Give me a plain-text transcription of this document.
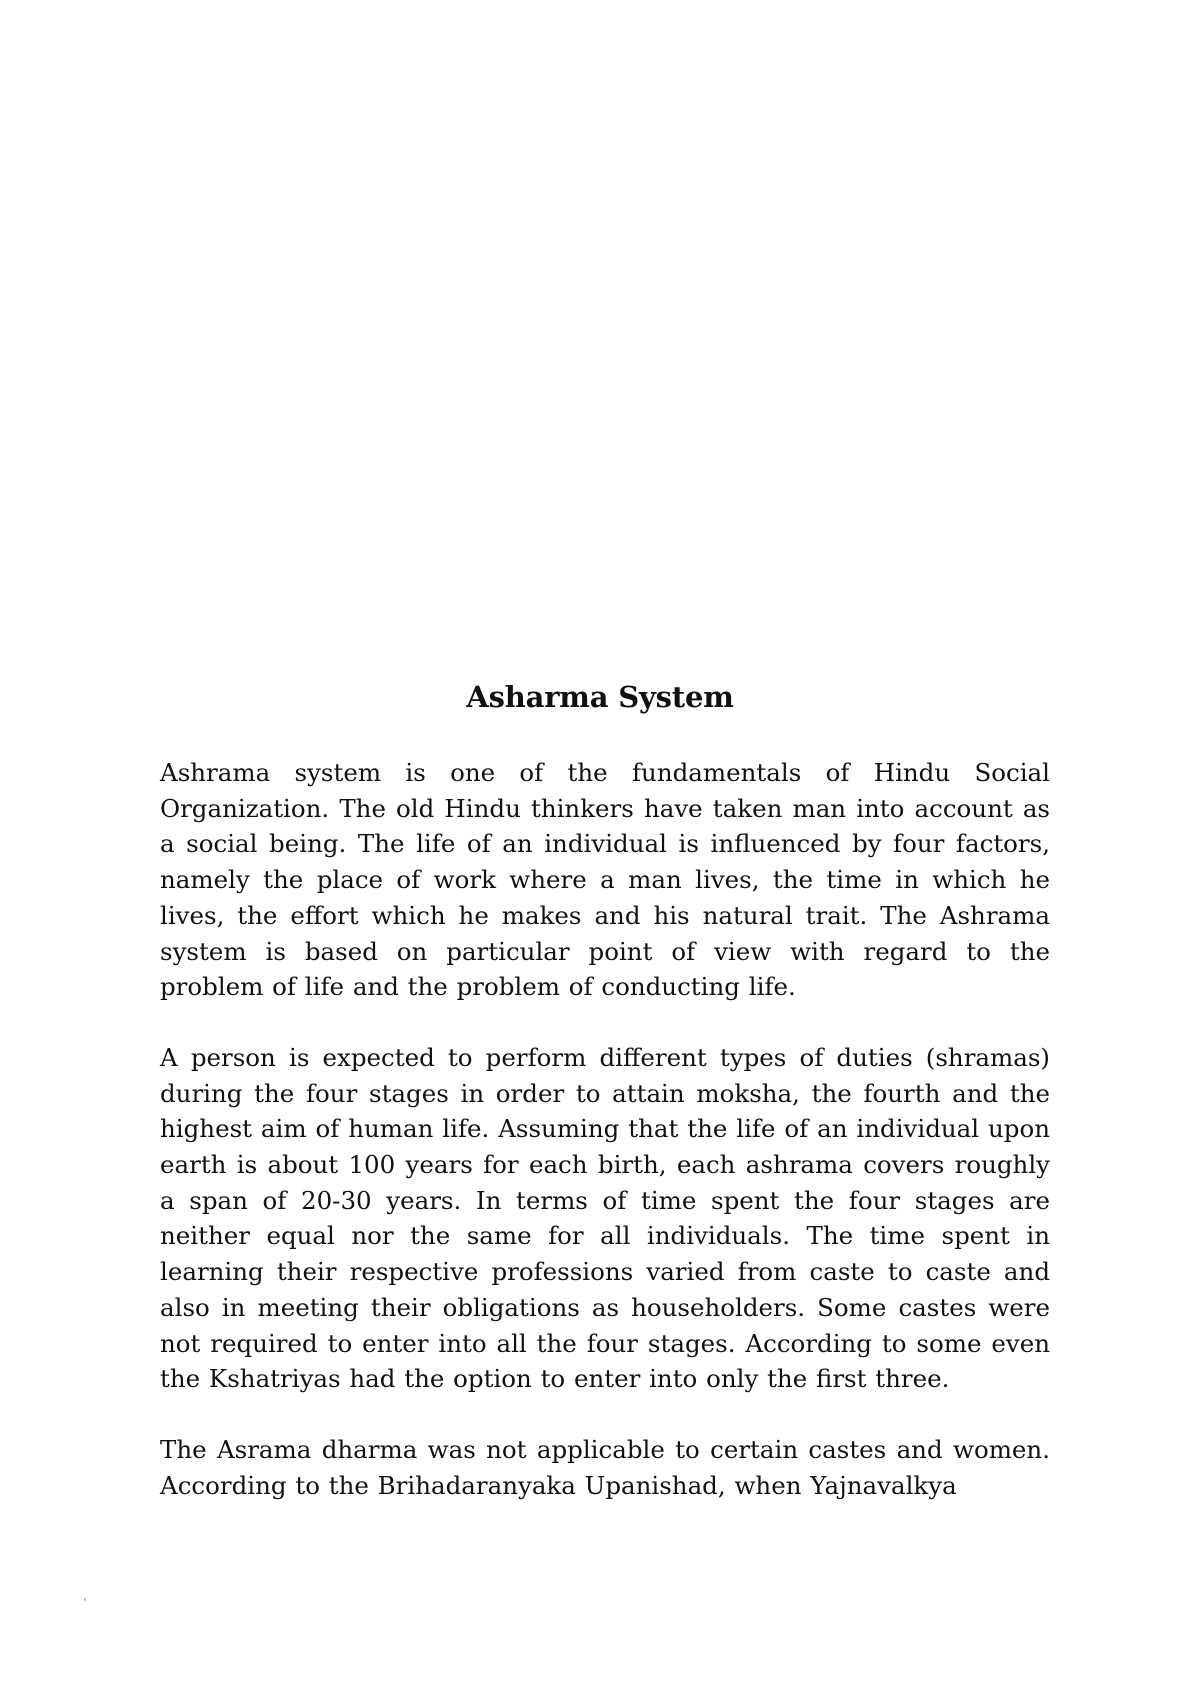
Asharma System

Ashrama system is one of the fundamentals of Hindu Social Organization. The old Hindu thinkers have taken man into account as a social being. The life of an individual is influenced by four factors, namely the place of work where a man lives, the time in which he lives, the effort which he makes and his natural trait. The Ashrama system is based on particular point of view with regard to the problem of life and the problem of conducting life.

A person is expected to perform different types of duties (shramas) during the four stages in order to attain moksha, the fourth and the highest aim of human life. Assuming that the life of an individual upon earth is about 100 years for each birth, each ashrama covers roughly a span of 20-30 years. In terms of time spent the four stages are neither equal nor the same for all individuals. The time spent in learning their respective professions varied from caste to caste and also in meeting their obligations as householders. Some castes were not required to enter into all the four stages. According to some even the Kshatriyas had the option to enter into only the first three.

The Asrama dharma was not applicable to certain castes and women. According to the Brihadaranyaka Upanishad, when Yajnavalkya
